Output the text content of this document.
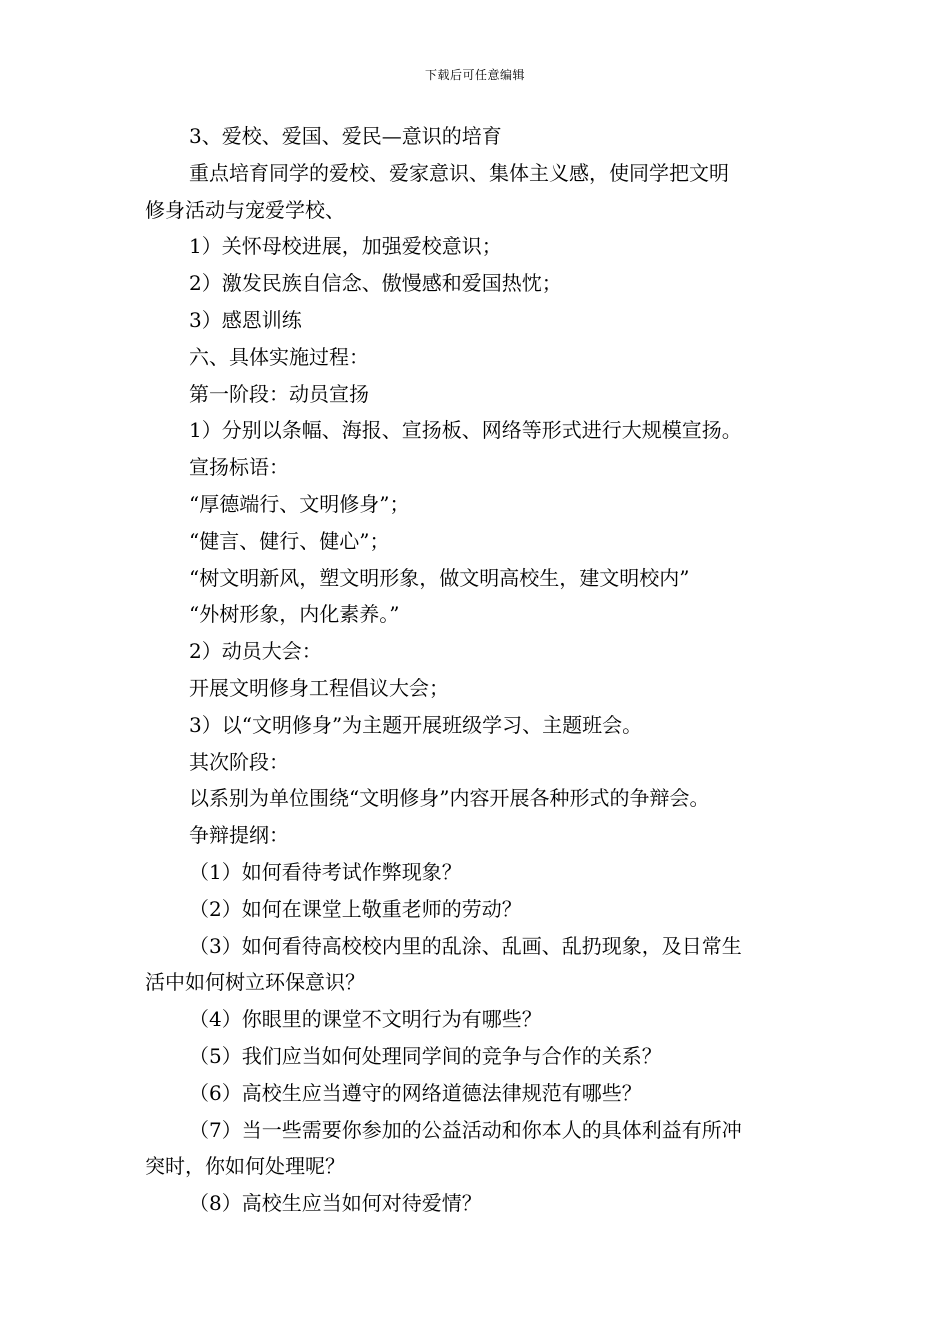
下载后可任意编辑

3、爱校、爱国、爱民—意识的培育

重点培育同学的爱校、爱家意识、集体主义感，使同学把文明

修身活动与宠爱学校、

1）关怀母校进展，加强爱校意识；

2）激发民族自信念、傲慢感和爱国热忱；

3）感恩训练

六、具体实施过程：

第一阶段：动员宣扬

1）分别以条幅、海报、宣扬板、网络等形式进行大规模宣扬。

宣扬标语：

“厚德端行、文明修身”；

“健言、健行、健心”；

“树文明新风，塑文明形象，做文明高校生，建文明校内”

“外树形象，内化素养。”

2）动员大会：

开展文明修身工程倡议大会；

3）以“文明修身”为主题开展班级学习、主题班会。

其次阶段：

以系别为单位围绕“文明修身”内容开展各种形式的争辩会。

争辩提纲：

（1）如何看待考试作弊现象？

（2）如何在课堂上敬重老师的劳动？

（3）如何看待高校校内里的乱涂、乱画、乱扔现象，及日常生

活中如何树立环保意识？

（4）你眼里的课堂不文明行为有哪些？

（5）我们应当如何处理同学间的竞争与合作的关系？

（6）高校生应当遵守的网络道德法律规范有哪些？

（7）当一些需要你参加的公益活动和你本人的具体利益有所冲

突时，你如何处理呢？

（8）高校生应当如何对待爱情？
